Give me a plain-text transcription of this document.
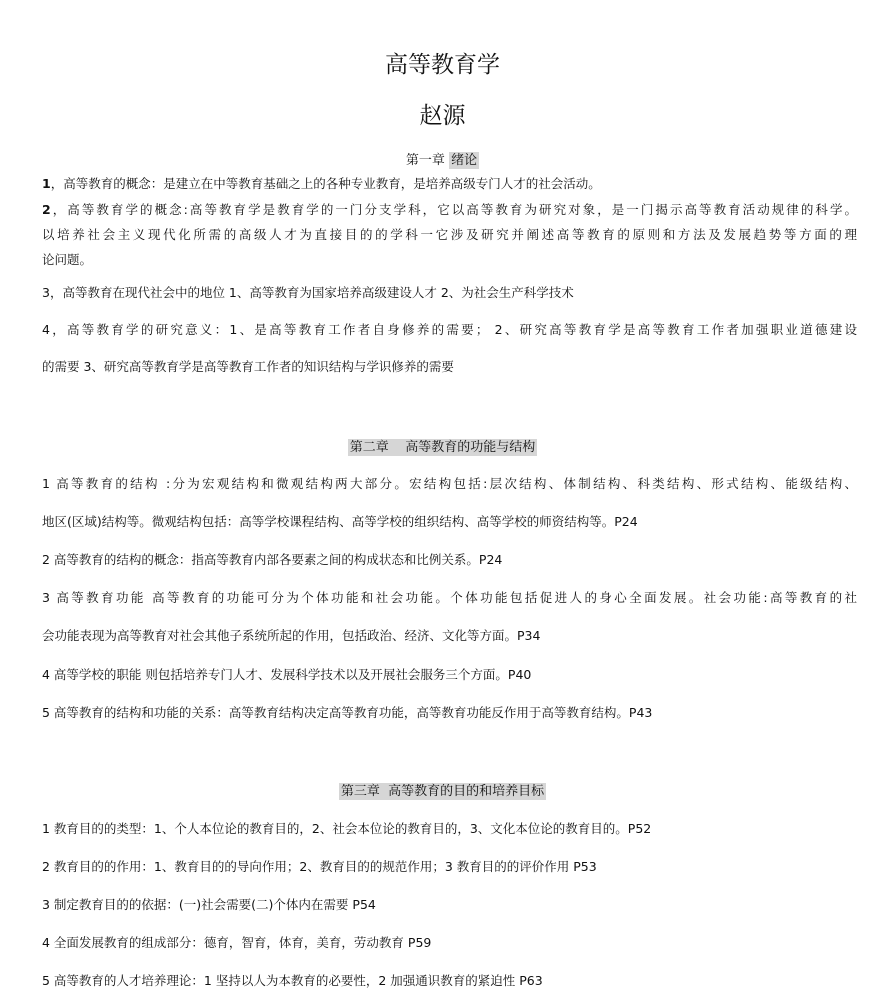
高等教育学
赵源
第一章 绪论
1，高等教育的概念：是建立在中等教育基础之上的各种专业教育，是培养高级专门人才的社会活动。
2，高等教育学的概念:高等教育学是教育学的一门分支学科，它以高等教育为研究对象，是一门揭示高等教育活动规律的科学。
以培养社会主义现代化所需的高级人才为直接目的的学科一它涉及研究并阐述高等教育的原则和方法及发展趋势等方面的理
论问题。
3，高等教育在现代社会中的地位 1、高等教育为国家培养高级建设人才 2、为社会生产科学技术
4，高等教育学的研究意义：1、是高等教育工作者自身修养的需要； 2、研究高等教育学是高等教育工作者加强职业道德建设
的需要 3、研究高等教育学是高等教育工作者的知识结构与学识修养的需要
第二章    高等教育的功能与结构
1 高等教育的结构 :分为宏观结构和微观结构两大部分。宏结构包括:层次结构、体制结构、科类结构、形式结构、能级结构、
地区(区域)结构等。微观结构包括：高等学校课程结构、高等学校的组织结构、高等学校的师资结构等。P24
2 高等教育的结构的概念：指高等教育内部各要素之间的构成状态和比例关系。P24
3 高等教育功能 高等教育的功能可分为个体功能和社会功能。个体功能包括促进人的身心全面发展。社会功能:高等教育的社
会功能表现为高等教育对社会其他子系统所起的作用，包括政治、经济、文化等方面。P34
4 高等学校的职能 则包括培养专门人才、发展科学技术以及开展社会服务三个方面。P40
5 高等教育的结构和功能的关系：高等教育结构决定高等教育功能，高等教育功能反作用于高等教育结构。P43
第三章  高等教育的目的和培养目标
1 教育目的的类型：1、个人本位论的教育目的，2、社会本位论的教育目的，3、文化本位论的教育目的。P52
2 教育目的的作用：1、教育目的的导向作用；2、教育目的的规范作用；3 教育目的的评价作用 P53
3 制定教育目的的依据：(一)社会需要(二)个体内在需要 P54
4 全面发展教育的组成部分：德育，智育，体育，美育，劳动教育 P59
5 高等教育的人才培养理论：1 坚持以人为本教育的必要性，2 加强通识教育的紧迫性 P63
